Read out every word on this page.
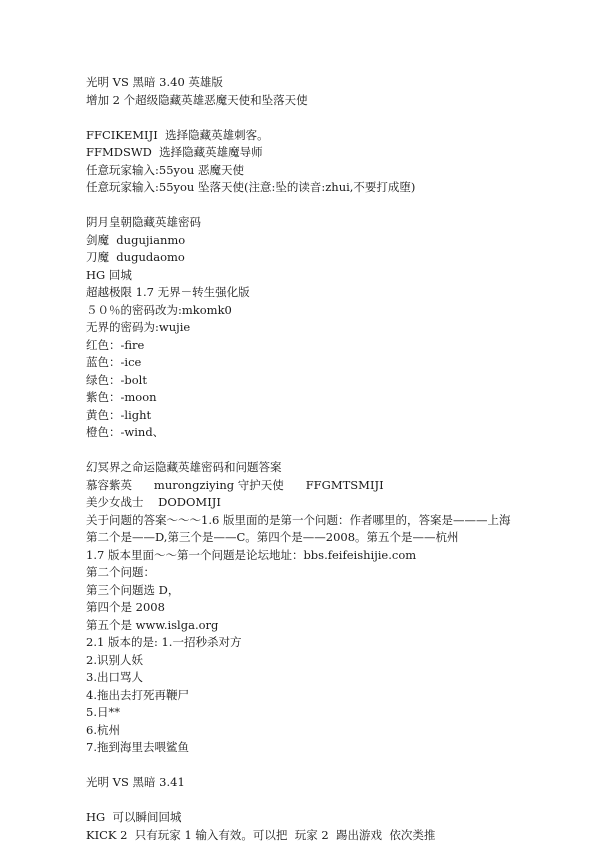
光明 VS 黑暗 3.40 英雄版
增加 2 个超级隐藏英雄恶魔天使和坠落天使
FFCIKEMIJI  选择隐藏英雄刺客。
FFMDSWD  选择隐藏英雄魔导师
任意玩家输入:55you 恶魔天使
任意玩家输入:55you 坠落天使(注意:坠的读音:zhui,不要打成堕)
阴月皇朝隐藏英雄密码
剑魔  dugujianmo
刀魔  dugudaomo
HG 回城
超越极限 1.7 无界－转生强化版
５０％的密码改为:mkomk0
无界的密码为:wujie
红色：-fire
蓝色：-ice
绿色：-bolt
紫色：-moon
黄色：-light
橙色：-wind、
幻冥界之命运隐藏英雄密码和问题答案
慕容紫英      murongziying 守护天使      FFGMTSMIJI
美少女战士    DODOMIJI
关于问题的答案～～～1.6 版里面的是第一个问题：作者哪里的，答案是———上海
第二个是——D,第三个是——C。第四个是——2008。第五个是——杭州
1.7 版本里面～～第一个问题是论坛地址：bbs.feifeishijie.com
第二个问题：
第三个问题选 D，
第四个是 2008
第五个是 www.islga.org
2.1 版本的是: 1.一招秒杀对方
2.识别人妖
3.出口骂人
4.拖出去打死再鞭尸
5.日**
6.杭州
7.拖到海里去喂鲨鱼
光明 VS 黑暗 3.41
HG  可以瞬间回城
KICK 2  只有玩家 1 输入有效。可以把  玩家 2  踢出游戏  依次类推
